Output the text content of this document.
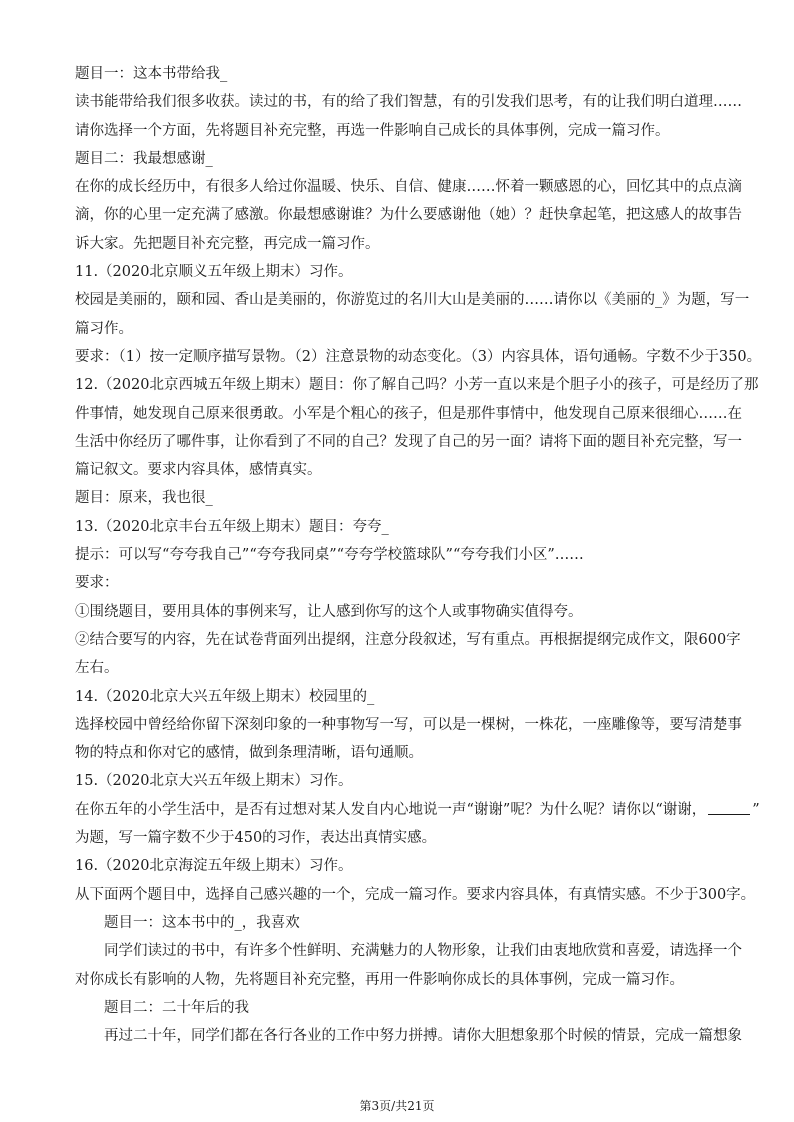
题目一：这本书带给我_
读书能带给我们很多收获。读过的书，有的给了我们智慧，有的引发我们思考，有的让我们明白道理……
请你选择一个方面，先将题目补充完整，再选一件影响自己成长的具体事例，完成一篇习作。
题目二：我最想感谢_
在你的成长经历中，有很多人给过你温暖、快乐、自信、健康……怀着一颗感恩的心，回忆其中的点点滴
滴，你的心里一定充满了感激。你最想感谢谁？为什么要感谢他（她）？赶快拿起笔，把这感人的故事告
诉大家。先把题目补充完整，再完成一篇习作。
11.（2020北京顺义五年级上期末）习作。
校园是美丽的，颐和园、香山是美丽的，你游览过的名川大山是美丽的……请你以《美丽的_》为题，写一
篇习作。
要求：（1）按一定顺序描写景物。（2）注意景物的动态变化。（3）内容具体，语句通畅。字数不少于350。
12.（2020北京西城五年级上期末）题目：你了解自己吗？小芳一直以来是个胆子小的孩子，可是经历了那
件事情，她发现自己原来很勇敢。小军是个粗心的孩子，但是那件事情中，他发现自己原来很细心……在
生活中你经历了哪件事，让你看到了不同的自己？发现了自己的另一面？请将下面的题目补充完整，写一
篇记叙文。要求内容具体，感情真实。
题目：原来，我也很_
13.（2020北京丰台五年级上期末）题目：夸夸_
提示：可以写“夸夸我自己”“夸夸我同桌”“夸夸学校篮球队”“夸夸我们小区”……
要求：
①围绕题目，要用具体的事例来写，让人感到你写的这个人或事物确实值得夸。
②结合要写的内容，先在试卷背面列出提纲，注意分段叙述，写有重点。再根据提纲完成作文，限600字
左右。
14.（2020北京大兴五年级上期末）校园里的_
选择校园中曾经给你留下深刻印象的一种事物写一写，可以是一棵树，一株花，一座雕像等，要写清楚事
物的特点和你对它的感情，做到条理清晰，语句通顺。
15.（2020北京大兴五年级上期末）习作。
在你五年的小学生活中，是否有过想对某人发自内心地说一声“谢谢”呢？为什么呢？请你以“谢谢，	”
为题，写一篇字数不少于450的习作，表达出真情实感。
16.（2020北京海淀五年级上期末）习作。
从下面两个题目中，选择自己感兴趣的一个，完成一篇习作。要求内容具体，有真情实感。不少于300字。
题目一：这本书中的_，我喜欢
同学们读过的书中，有许多个性鲜明、充满魅力的人物形象，让我们由衷地欣赏和喜爱，请选择一个
对你成长有影响的人物，先将题目补充完整，再用一件影响你成长的具体事例，完成一篇习作。
题目二：二十年后的我
再过二十年，同学们都在各行各业的工作中努力拼搏。请你大胆想象那个时候的情景，完成一篇想象
第3页/共21页
